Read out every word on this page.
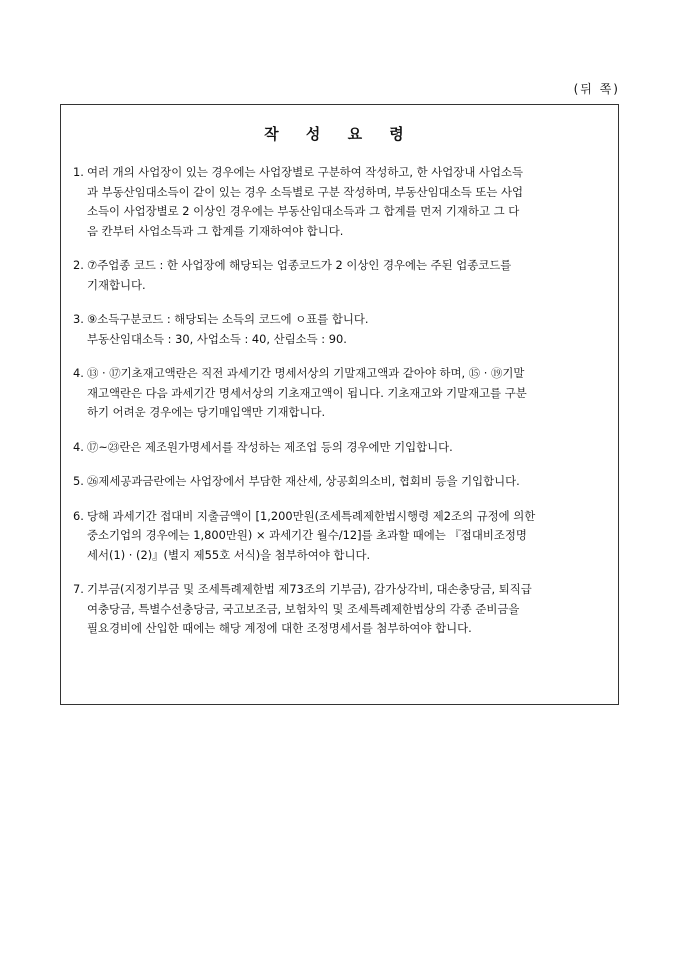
(뒤 쪽)
작 성 요 령
1. 여러 개의 사업장이 있는 경우에는 사업장별로 구분하여 작성하고, 한 사업장내 사업소득
과 부동산임대소득이 같이 있는 경우 소득별로 구분 작성하며, 부동산임대소득 또는 사업
소득이 사업장별로 2 이상인 경우에는 부동산임대소득과 그 합계를 먼저 기재하고 그 다
음 칸부터 사업소득과 그 합계를 기재하여야 합니다.
2. ⑦주업종 코드 : 한 사업장에 해당되는 업종코드가 2 이상인 경우에는 주된 업종코드를
기재합니다.
3. ⑨소득구분코드 : 해당되는 소득의 코드에 ㅇ표를 합니다.
부동산임대소득 : 30, 사업소득 : 40, 산림소득 : 90.
4. ⑬ · ⑰기초재고액란은 직전 과세기간 명세서상의 기말재고액과 같아야 하며, ⑮ · ⑲기말
재고액란은 다음 과세기간 명세서상의 기초재고액이 됩니다. 기초재고와 기말재고를 구분
하기 어려운 경우에는 당기매입액만 기재합니다.
4. ⑰~㉓란은 제조원가명세서를 작성하는 제조업 등의 경우에만 기입합니다.
5. ㉖제세공과금란에는 사업장에서 부담한 재산세, 상공회의소비, 협회비 등을 기입합니다.
6. 당해 과세기간 접대비 지출금액이 [1,200만원(조세특례제한법시행령 제2조의 규정에 의한
중소기업의 경우에는 1,800만원) × 과세기간 월수/12]를 초과할 때에는 『접대비조정명
세서(1) · (2)』(별지 제55호 서식)을 첨부하여야 합니다.
7. 기부금(지정기부금 및 조세특례제한법 제73조의 기부금), 감가상각비, 대손충당금, 퇴직급
여충당금, 특별수선충당금, 국고보조금, 보험차익 및 조세특례제한법상의 각종 준비금을
필요경비에 산입한 때에는 해당 계정에 대한 조정명세서를 첨부하여야 합니다.
